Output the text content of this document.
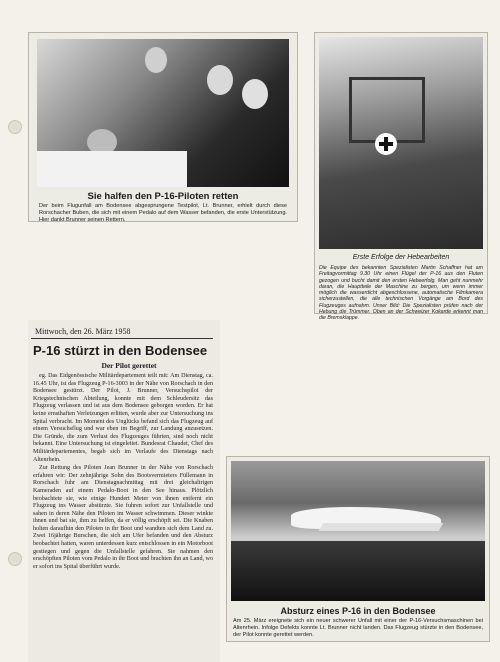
Sie halfen den P-16-Piloten retten
Der beim Flugunfall am Bodensee abgesprungene Testpilot, Lt. Brunner, erhielt durch diese Rorschacher Buben, die sich mit einem Pedalo auf dem Wasser befanden, die erste Unterstützung. Hier dankt Brunner seinen Rettern.
Erste Erfolge der Hebearbeiten
Die Equipe des bekannten Spezialisten Martin Schaffner hat am Freitagvormittag 9.30 Uhr einen Flügel der P-16 aus den Fluten gezogen und bucht damit den ersten Heb​eerfolg. Man geht nunmehr daran, die Hauptteile der Maschine zu bergen, um wenn immer möglich die wasserdicht abgeschlossene, automatische Filmkamera sicherzustellen, die alle technischen Vorgänge am Bord des Flugzeuges aufnahm. Unser Bild: Die Spezialisten prüfen nach der Hebung die Trümmer. Oben an der Schweizer Kokarde erkennt man die Bremsklappe.
Mittwoch, den 26. März 1958
P-16 stürzt in den Bodensee
Der Pilot gerettet

eg. Das Eidgenössische Militärdepartement teilt mit: Am Dienstag, ca. 16.45 Uhr, ist das Flugzeug P-16-3003 in der Nähe von Rorschach in den Bodensee gestürzt. Der Pilot, J. Brunner, Versuchspilot der Kriegstechnischen Abteilung, konnte mit dem Schleudersitz das Flugzeug verlassen und ist aus dem Bodensee geborgen worden. Er hat keine ernsthaften Verletzungen erlitten, wurde aber zur Untersuchung ins Spital verbracht. Im Moment des Unglücks befand sich das Flugzeug auf einem Versuchsflug und war eben im Begriff, zur Landung anzusetzen. Die Gründe, die zum Verlust des Flugzeuges führten, sind noch nicht bekannt. Eine Untersuchung ist eingeleitet. Bundesrat Chaudet, Chef des Militärdepartementes, begab sich im Verlaufe des Dienstags nach Altenrhein.

Zur Rettung des Piloten Jean Brunner in der Nähe von Rorschach erfahren wir: Der zehnjährige Sohn des Bootsvermieters Füllemann in Rorschach fuhr am Dienstagnachmittag mit drei gleichaltrigen Kameraden auf einem Pedalo-Boot in den See hinaus. Plötzlich beobachtete sie, wie einige Hundert Meter von ihnen entfernt ein Flugzeug ins Wasser abstürzte. Sie fuhren sofort zur Unfallstelle und sahen in deren Nähe den Piloten im Wasser schwimmen. Dieser winkte ihnen und bat sie, ihm zu helfen, da er völlig erschöpft sei. Die Knaben holten daraufhin den Piloten in ihr Boot und wandten sich dem Land zu. Zwei 16jährige Burschen, die sich am Ufer befanden und den Absturz beobachtet hatten, waren unterdessen kurz entschlossen in ein Motorboot gestiegen und gegen die Unfallstelle gefahren. Sie nahmen den erschöpften Piloten vom Pedalo in ihr Boot und brachten ihn an Land, wo er sofort ins Spital überführt wurde.

Absturz eines P-16 in den Bodensee
Am 25. März ereignete sich ein neuer schwerer Unfall mit einer der P-16-Versuchsmaschinen bei Altenrhein. Infolge Defekts konnte Lt. Brunner nicht landen. Das Flugzeug stürzte in den Bodensee, der Pilot konnte gerettet werden.
